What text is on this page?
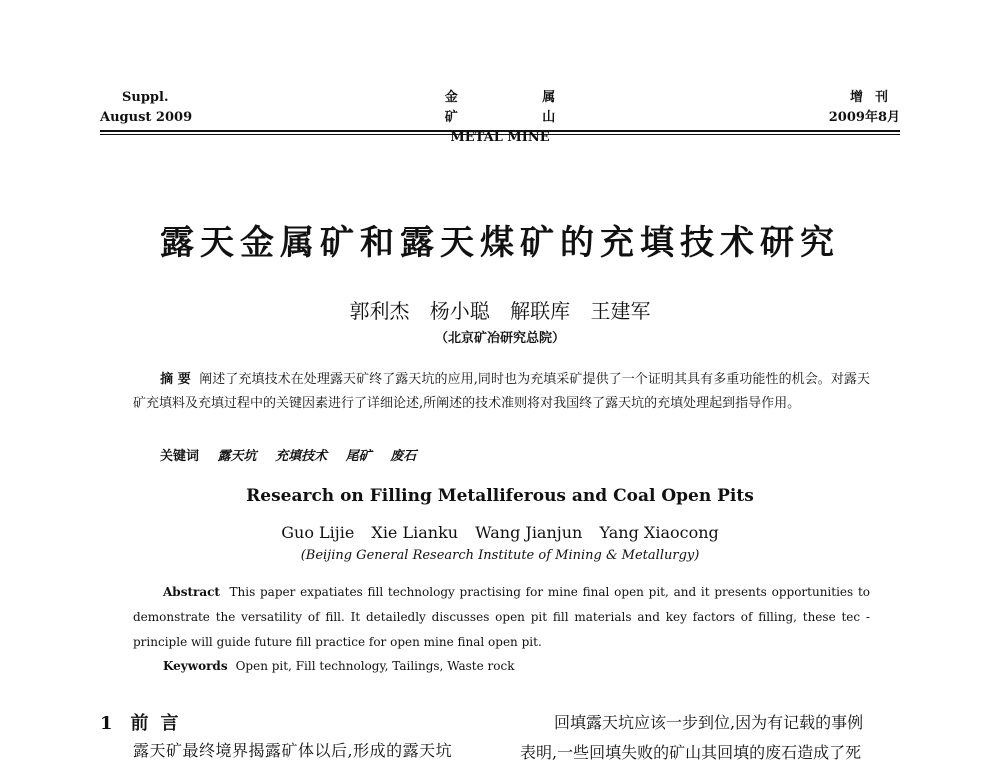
Suppl.
August 2009
金 属 矿 山
METAL MINE
增刊
2009年8月
露天金属矿和露天煤矿的充填技术研究
郭利杰 杨小聪 解联库 王建军
（北京矿冶研究总院）
摘 要 阐述了充填技术在处理露天矿终了露天坑的应用,同时也为充填采矿提供了一个证明其具有多重功能性的机会。对露天矿充填料及充填过程中的关键因素进行了详细论述,所阐述的技术准则将对我国终了露天坑的充填处理起到指导作用。
关键词 露天坑 充填技术 尾矿 废石
Research on Filling Metalliferous and Coal Open Pits
Guo Lijie Xie Lianku Wang Jianjun Yang Xiaocong
(Beijing General Research Institute of Mining & Metallurgy)
Abstract This paper expatiates fill technology practising for mine final open pit, and it presents opportunities to demonstrate the versatility of fill. It detailedly discusses open pit fill materials and key factors of filling, these tec - principle will guide future fill practice for open mine final open pit.
Keywords Open pit, Fill technology, Tailings, Waste rock
1 前言
露天矿最终境界揭露矿体以后,形成的露天坑
回填露天坑应该一步到位,因为有记载的事例
表明,一些回填失败的矿山其回填的废石造成了死
